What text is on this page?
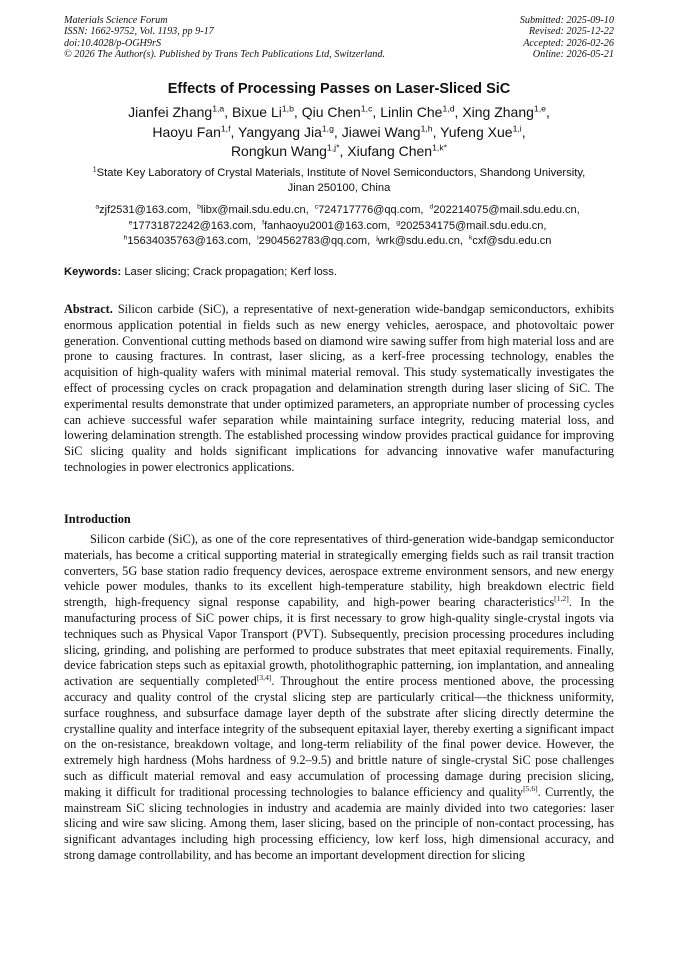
Materials Science Forum
ISSN: 1662-9752, Vol. 1193, pp 9-17
doi:10.4028/p-OGH9rS
© 2026 The Author(s). Published by Trans Tech Publications Ltd, Switzerland.
Submitted: 2025-09-10
Revised: 2025-12-22
Accepted: 2026-02-26
Online: 2026-05-21
Effects of Processing Passes on Laser-Sliced SiC
Jianfei Zhang$^{1,a}$, Bixue Li$^{1,b}$, Qiu Chen$^{1,c}$, Linlin Che$^{1,d}$, Xing Zhang$^{1,e}$,
Haoyu Fan$^{1,f}$, Yangyang Jia$^{1,g}$, Jiawei Wang$^{1,h}$, Yufeng Xue$^{1,i}$,
Rongkun Wang$^{1,j*}$, Xiufang Chen$^{1,k*}$
$^1$State Key Laboratory of Crystal Materials, Institute of Novel Semiconductors, Shandong University, Jinan 250100, China
$^a$zjf2531@163.com, $^b$libx@mail.sdu.edu.cn, $^c$724717776@qq.com, $^d$202214075@mail.sdu.edu.cn,
$^e$17731872242@163.com, $^f$fanhaoyu2001@163.com, $^g$202534175@mail.sdu.edu.cn,
$^h$15634035763@163.com, $^i$2904562783@qq.com, $^j$wrk@sdu.edu.cn, $^k$cxf@sdu.edu.cn
Keywords: Laser slicing; Crack propagation; Kerf loss.
Abstract. Silicon carbide (SiC), a representative of next-generation wide-bandgap semiconductors, exhibits enormous application potential in fields such as new energy vehicles, aerospace, and photovoltaic power generation. Conventional cutting methods based on diamond wire sawing suffer from high material loss and are prone to causing fractures. In contrast, laser slicing, as a kerf-free processing technology, enables the acquisition of high-quality wafers with minimal material removal. This study systematically investigates the effect of processing cycles on crack propagation and delamination strength during laser slicing of SiC. The experimental results demonstrate that under optimized parameters, an appropriate number of processing cycles can achieve successful wafer separation while maintaining surface integrity, reducing material loss, and lowering delamination strength. The established processing window provides practical guidance for improving SiC slicing quality and holds significant implications for advancing innovative wafer manufacturing technologies in power electronics applications.
Introduction

Silicon carbide (SiC), as one of the core representatives of third-generation wide-bandgap semiconductor materials, has become a critical supporting material in strategically emerging fields such as rail transit traction converters, 5G base station radio frequency devices, aerospace extreme environment sensors, and new energy vehicle power modules, thanks to its excellent high-temperature stability, high breakdown electric field strength, high-frequency signal response capability, and high-power bearing characteristics[1,2]. In the manufacturing process of SiC power chips, it is first necessary to grow high-quality single-crystal ingots via techniques such as Physical Vapor Transport (PVT). Subsequently, precision processing procedures including slicing, grinding, and polishing are performed to produce substrates that meet epitaxial requirements. Finally, device fabrication steps such as epitaxial growth, photolithographic patterning, ion implantation, and annealing activation are sequentially completed[3,4]. Throughout the entire process mentioned above, the processing accuracy and quality control of the crystal slicing step are particularly critical—the thickness uniformity, surface roughness, and subsurface damage layer depth of the substrate after slicing directly determine the crystalline quality and interface integrity of the subsequent epitaxial layer, thereby exerting a significant impact on the on-resistance, breakdown voltage, and long-term reliability of the final power device. However, the extremely high hardness (Mohs hardness of 9.2–9.5) and brittle nature of single-crystal SiC pose challenges such as difficult material removal and easy accumulation of processing damage during precision slicing, making it difficult for traditional processing technologies to balance efficiency and quality[5,6]. Currently, the mainstream SiC slicing technologies in industry and academia are mainly divided into two categories: laser slicing and wire saw slicing. Among them, laser slicing, based on the principle of non-contact processing, has significant advantages including high processing efficiency, low kerf loss, high dimensional accuracy, and strong damage controllability, and has become an important development direction for slicing
